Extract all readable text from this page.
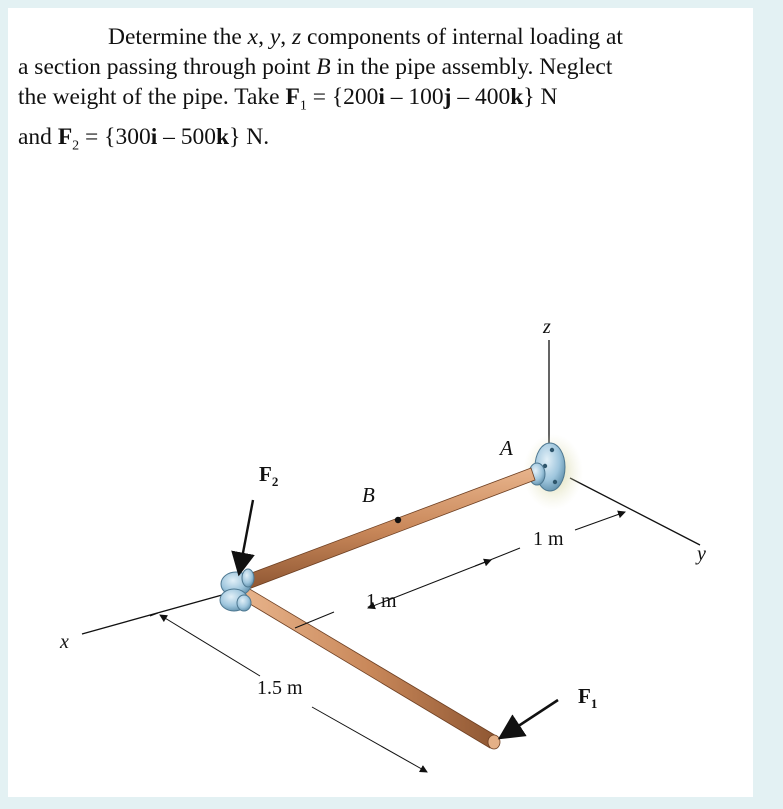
Determine the x, y, z components of internal loading at
a section passing through point B in the pipe assembly. Neglect
the weight of the pipe. Take $F_1 = \{200i - 100j - 400k\}$ N
and $F_2 = \{300i - 500k\}$ N.
x
y
z
A
B
$F_2$
$F_1$
1 m
1 m
1.5 m
